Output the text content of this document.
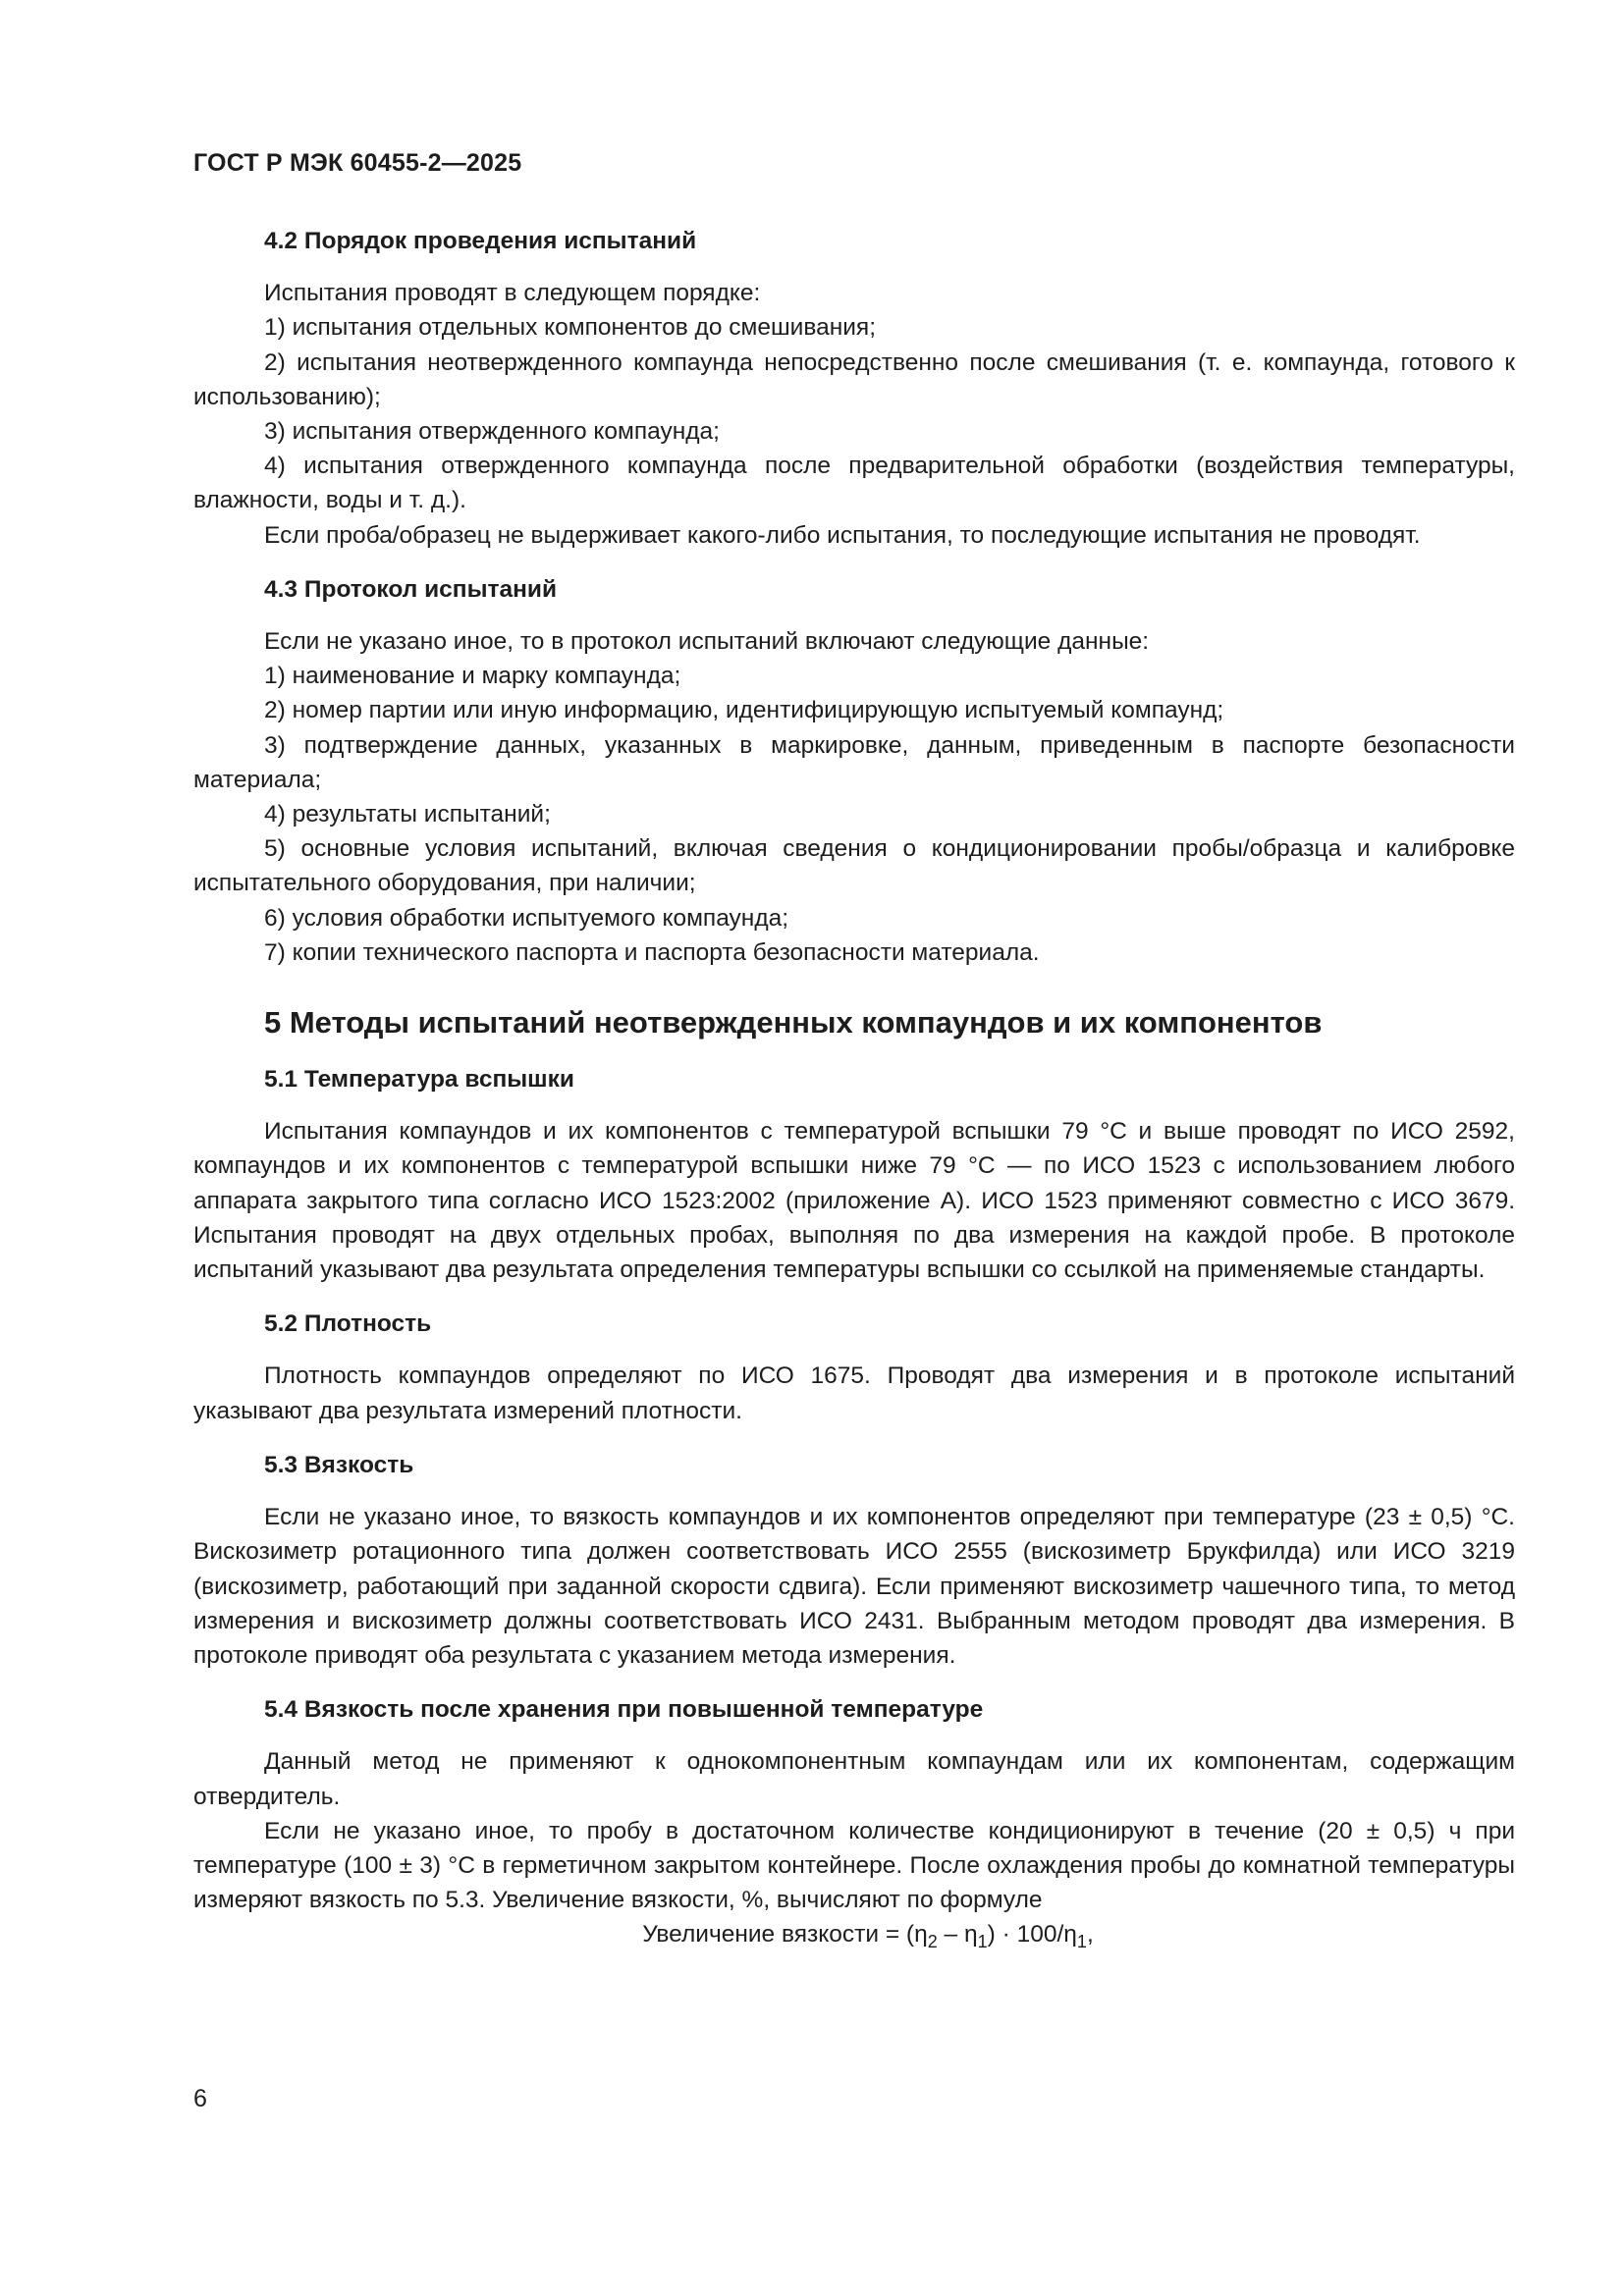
ГОСТ Р МЭК 60455-2—2025
4.2 Порядок проведения испытаний

Испытания проводят в следующем порядке:

1) испытания отдельных компонентов до смешивания;

2) испытания неотвержденного компаунда непосредственно после смешивания (т. е. компаунда, готового к использованию);

3) испытания отвержденного компаунда;

4) испытания отвержденного компаунда после предварительной обработки (воздействия температуры, влажности, воды и т. д.).

Если проба/образец не выдерживает какого-либо испытания, то последующие испытания не проводят.

4.3 Протокол испытаний

Если не указано иное, то в протокол испытаний включают следующие данные:

1) наименование и марку компаунда;

2) номер партии или иную информацию, идентифицирующую испытуемый компаунд;

3) подтверждение данных, указанных в маркировке, данным, приведенным в паспорте безопасности материала;

4) результаты испытаний;

5) основные условия испытаний, включая сведения о кондиционировании пробы/образца и калибровке испытательного оборудования, при наличии;

6) условия обработки испытуемого компаунда;

7) копии технического паспорта и паспорта безопасности материала.

5 Методы испытаний неотвержденных компаундов и их компонентов
5.1 Температура вспышки

Испытания компаундов и их компонентов с температурой вспышки 79 °С и выше проводят по ИСО 2592, компаундов и их компонентов с температурой вспышки ниже 79 °С — по ИСО 1523 с использованием любого аппарата закрытого типа согласно ИСО 1523:2002 (приложение А). ИСО 1523 применяют совместно с ИСО 3679. Испытания проводят на двух отдельных пробах, выполняя по два измерения на каждой пробе. В протоколе испытаний указывают два результата определения температуры вспышки со ссылкой на применяемые стандарты.

5.2 Плотность

Плотность компаундов определяют по ИСО 1675. Проводят два измерения и в протоколе испытаний указывают два результата измерений плотности.

5.3 Вязкость

Если не указано иное, то вязкость компаундов и их компонентов определяют при температуре (23 ± 0,5) °С. Вискозиметр ротационного типа должен соответствовать ИСО 2555 (вискозиметр Брукфилда) или ИСО 3219 (вискозиметр, работающий при заданной скорости сдвига). Если применяют вискозиметр чашечного типа, то метод измерения и вискозиметр должны соответствовать ИСО 2431. Выбранным методом проводят два измерения. В протоколе приводят оба результата с указанием метода измерения.

5.4 Вязкость после хранения при повышенной температуре

Данный метод не применяют к однокомпонентным компаундам или их компонентам, содержащим отвердитель.

Если не указано иное, то пробу в достаточном количестве кондиционируют в течение (20 ± 0,5) ч при температуре (100 ± 3) °С в герметичном закрытом контейнере. После охлаждения пробы до комнатной температуры измеряют вязкость по 5.3. Увеличение вязкости, %, вычисляют по формуле

Увеличение вязкости = $(\eta_2 - \eta_1) \cdot 100/\eta_1$,

6
